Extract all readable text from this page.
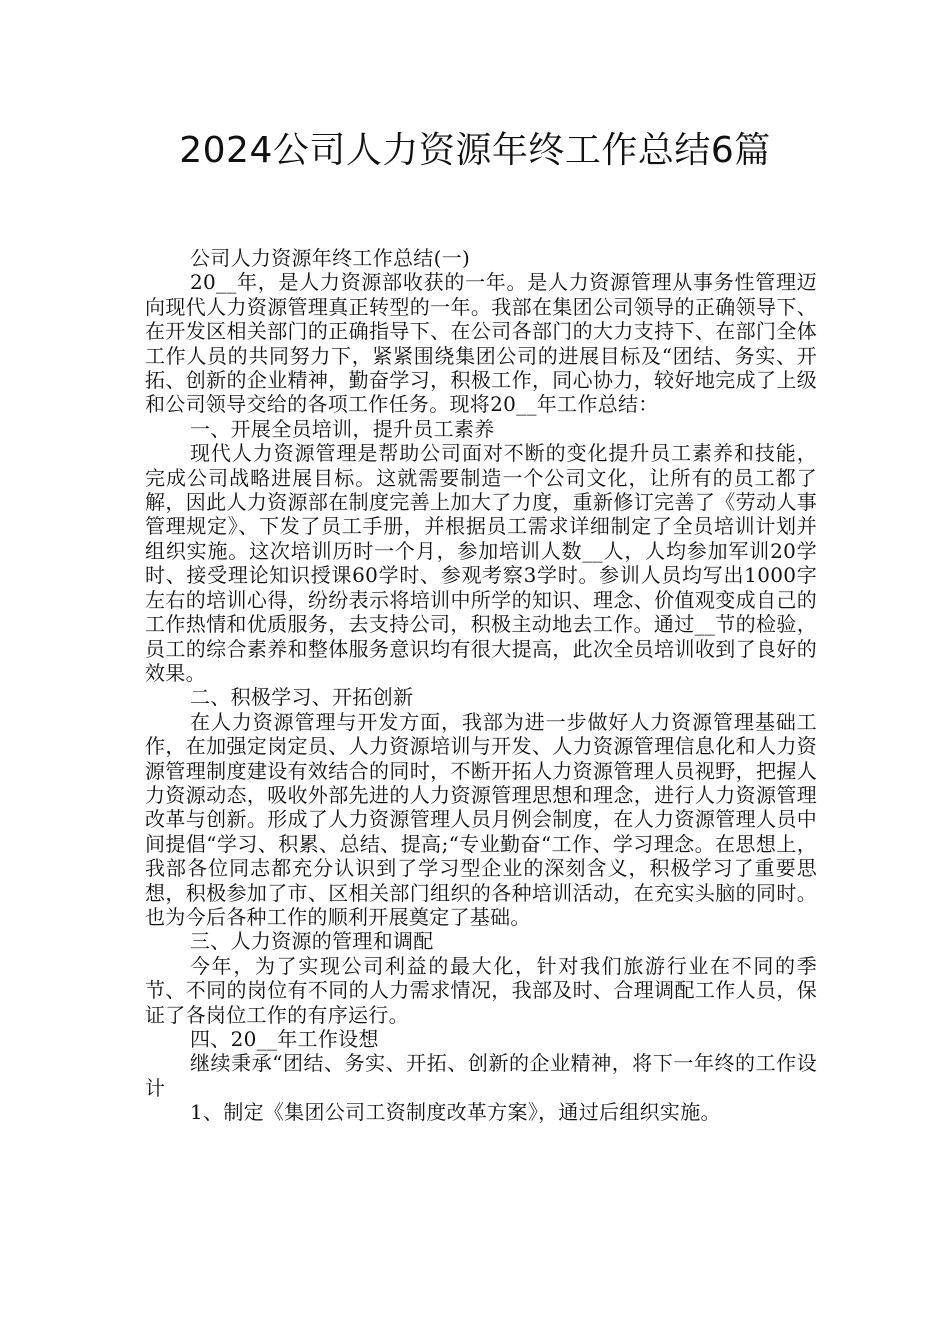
2024公司人力资源年终工作总结6篇

公司人力资源年终工作总结(一)

20__年，是人力资源部收获的一年。是人力资源管理从事务性管理迈向现代人力资源管理真正转型的一年。我部在集团公司领导的正确领导下、在开发区相关部门的正确指导下、在公司各部门的大力支持下、在部门全体工作人员的共同努力下，紧紧围绕集团公司的进展目标及“团结、务实、开拓、创新的企业精神，勤奋学习，积极工作，同心协力，较好地完成了上级和公司领导交给的各项工作任务。现将20__年工作总结：

一、开展全员培训，提升员工素养

现代人力资源管理是帮助公司面对不断的变化提升员工素养和技能，完成公司战略进展目标。这就需要制造一个公司文化，让所有的员工都了解，因此人力资源部在制度完善上加大了力度，重新修订完善了《劳动人事管理规定》、下发了员工手册，并根据员工需求详细制定了全员培训计划并组织实施。这次培训历时一个月，参加培训人数__人，人均参加军训20学时、接受理论知识授课60学时、参观考察3学时。参训人员均写出1000字左右的培训心得，纷纷表示将培训中所学的知识、理念、价值观变成自己的工作热情和优质服务，去支持公司，积极主动地去工作。通过__节的检验，员工的综合素养和整体服务意识均有很大提高，此次全员培训收到了良好的效果。

二、积极学习、开拓创新

在人力资源管理与开发方面，我部为进一步做好人力资源管理基础工作，在加强定岗定员、人力资源培训与开发、人力资源管理信息化和人力资源管理制度建设有效结合的同时，不断开拓人力资源管理人员视野，把握人力资源动态，吸收外部先进的人力资源管理思想和理念，进行人力资源管理改革与创新。形成了人力资源管理人员月例会制度，在人力资源管理人员中间提倡“学习、积累、总结、提高;“专业勤奋“工作、学习理念。在思想上，我部各位同志都充分认识到了学习型企业的深刻含义，积极学习了重要思想，积极参加了市、区相关部门组织的各种培训活动，在充实头脑的同时。也为今后各种工作的顺利开展奠定了基础。

三、人力资源的管理和调配

今年，为了实现公司利益的最大化，针对我们旅游行业在不同的季节、不同的岗位有不同的人力需求情况，我部及时、合理调配工作人员，保证了各岗位工作的有序运行。

四、20__年工作设想

继续秉承“团结、务实、开拓、创新的企业精神，将下一年终的工作设计

1、制定《集团公司工资制度改革方案》，通过后组织实施。
